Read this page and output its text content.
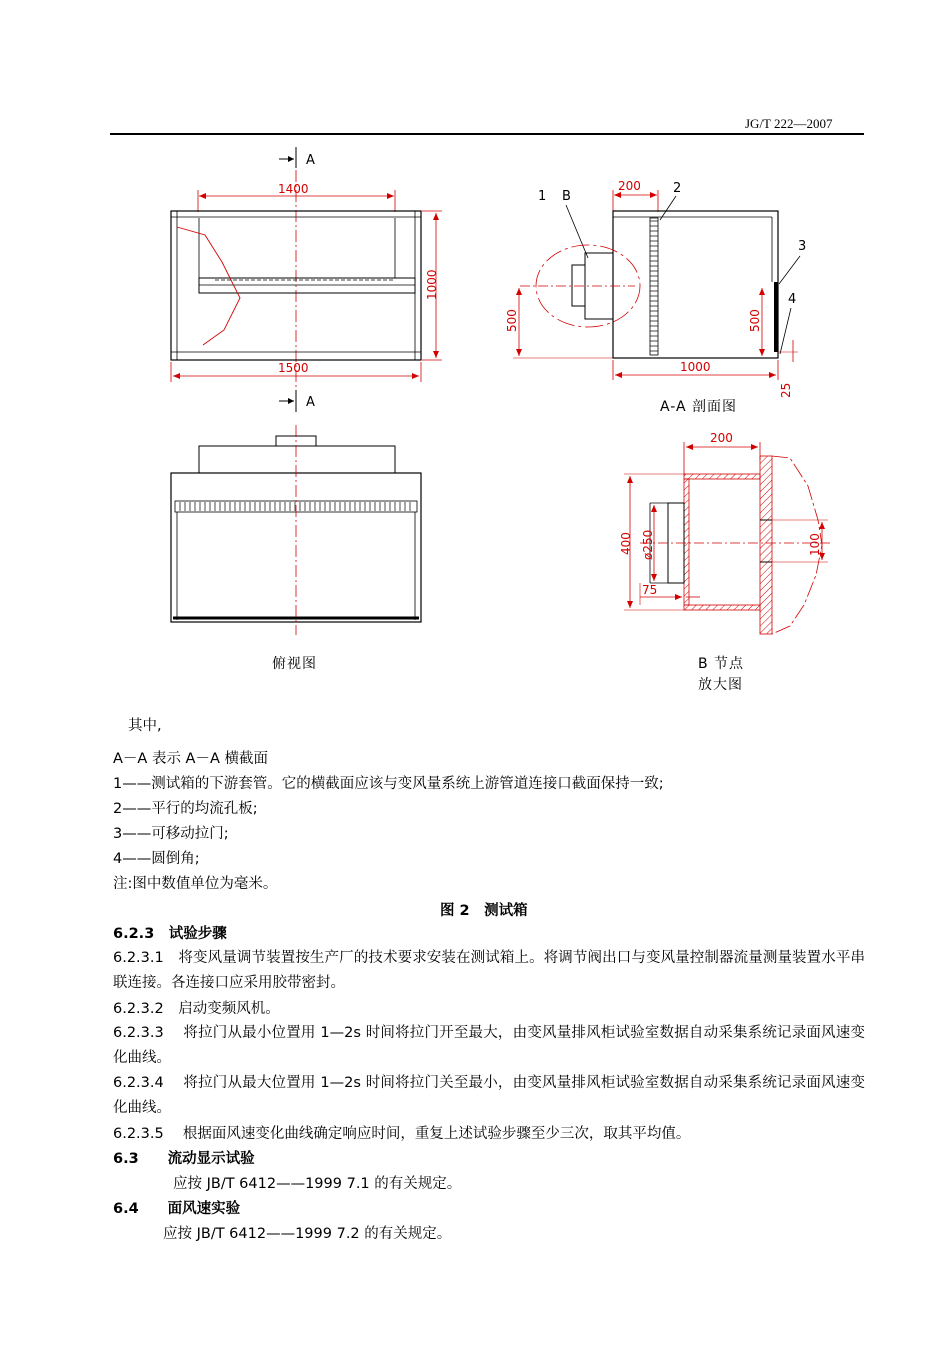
JG/T 222—2007
A
1400
1000
1500
A
俯视图
1 B
200 2
3
4
500	500
1000
25
A-A 剖面图
200
400 ø250	100
75
B 节点
放大图
其中,
A－A 表示 A－A 横截面
1——测试箱的下游套管。它的横截面应该与变风量系统上游管道连接口截面保持一致;
2——平行的均流孔板;
3——可移动拉门;
4——圆倒角;
注:图中数值单位为毫米。
图 2　测试箱
6.2.3　试验步骤
6.2.3.1　将变风量调节装置按生产厂的技术要求安装在测试箱上。将调节阀出口与变风量控制器流量测量装置水平串联连接。各连接口应采用胶带密封。
6.2.3.2　启动变频风机。
6.2.3.3　 将拉门从最小位置用 1—2s 时间将拉门开至最大，由变风量排风柜试验室数据自动采集系统记录面风速变化曲线。
6.2.3.4　 将拉门从最大位置用 1—2s 时间将拉门关至最小，由变风量排风柜试验室数据自动采集系统记录面风速变化曲线。
6.2.3.5　 根据面风速变化曲线确定响应时间，重复上述试验步骤至少三次，取其平均值。
6.3　　流动显示试验
应按 JB/T 6412——1999 7.1 的有关规定。
6.4　　面风速实验
应按 JB/T 6412——1999 7.2 的有关规定。
